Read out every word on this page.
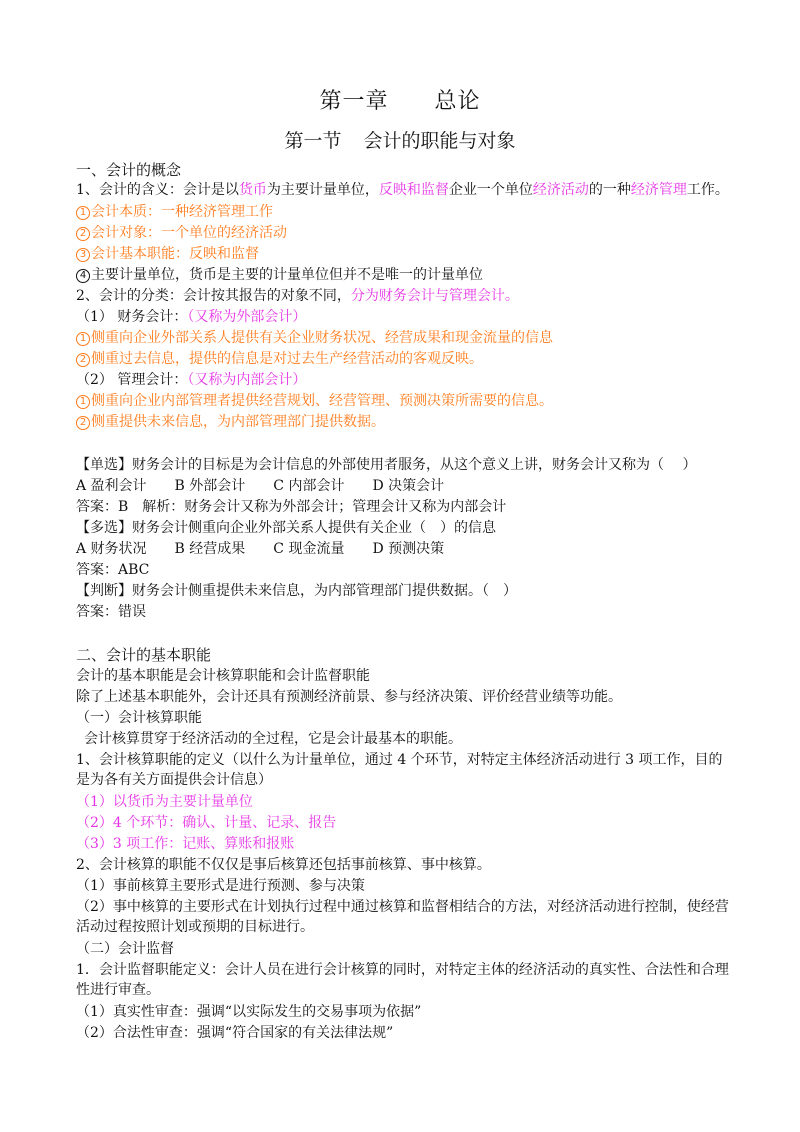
第一章 总论
第一节 会计的职能与对象
一、会计的概念
1、会计的含义：会计是以货币为主要计量单位，反映和监督企业一个单位经济活动的一种经济管理工作。
1 会计本质：一种经济管理工作
2 会计对象：一个单位的经济活动
3 会计基本职能：反映和监督
4 主要计量单位，货币是主要的计量单位但并不是唯一的计量单位
2、会计的分类：会计按其报告的对象不同，分为财务会计与管理会计。
（1） 财务会计：（又称为外部会计）
1 侧重向企业外部关系人提供有关企业财务状况、经营成果和现金流量的信息
2 侧重过去信息，提供的信息是对过去生产经营活动的客观反映。
（2） 管理会计：（又称为内部会计）
1 侧重向企业内部管理者提供经营规划、经营管理、预测决策所需要的信息。
2 侧重提供未来信息，为内部管理部门提供数据。
【单选】财务会计的目标是为会计信息的外部使用者服务，从这个意义上讲，财务会计又称为（　 ）
A 盈利会计　　B 外部会计　　C 内部会计　　D 决策会计
答案：B　解析：财务会计又称为外部会计；管理会计又称为内部会计
【多选】财务会计侧重向企业外部关系人提供有关企业（　）的信息
A 财务状况　　B 经营成果　　C 现金流量　　D 预测决策
答案：ABC
【判断】财务会计侧重提供未来信息，为内部管理部门提供数据。（　）
答案：错误
二、会计的基本职能
会计的基本职能是会计核算职能和会计监督职能
除了上述基本职能外，会计还具有预测经济前景、参与经济决策、评价经营业绩等功能。
（一）会计核算职能
会计核算贯穿于经济活动的全过程，它是会计最基本的职能。
1、会计核算职能的定义（以什么为计量单位，通过 4 个环节，对特定主体经济活动进行 3 项工作，目的是为各有关方面提供会计信息）
（1）以货币为主要计量单位
（2）4 个环节：确认、计量、记录、报告
（3）3 项工作：记账、算账和报账
2、会计核算的职能不仅仅是事后核算还包括事前核算、事中核算。
（1）事前核算主要形式是进行预测、参与决策
（2）事中核算的主要形式在计划执行过程中通过核算和监督相结合的方法，对经济活动进行控制，使经营活动过程按照计划或预期的目标进行。
（二）会计监督
1．会计监督职能定义：会计人员在进行会计核算的同时，对特定主体的经济活动的真实性、合法性和合理性进行审查。
（1）真实性审查：强调“以实际发生的交易事项为依据”
（2）合法性审查：强调“符合国家的有关法律法规”
